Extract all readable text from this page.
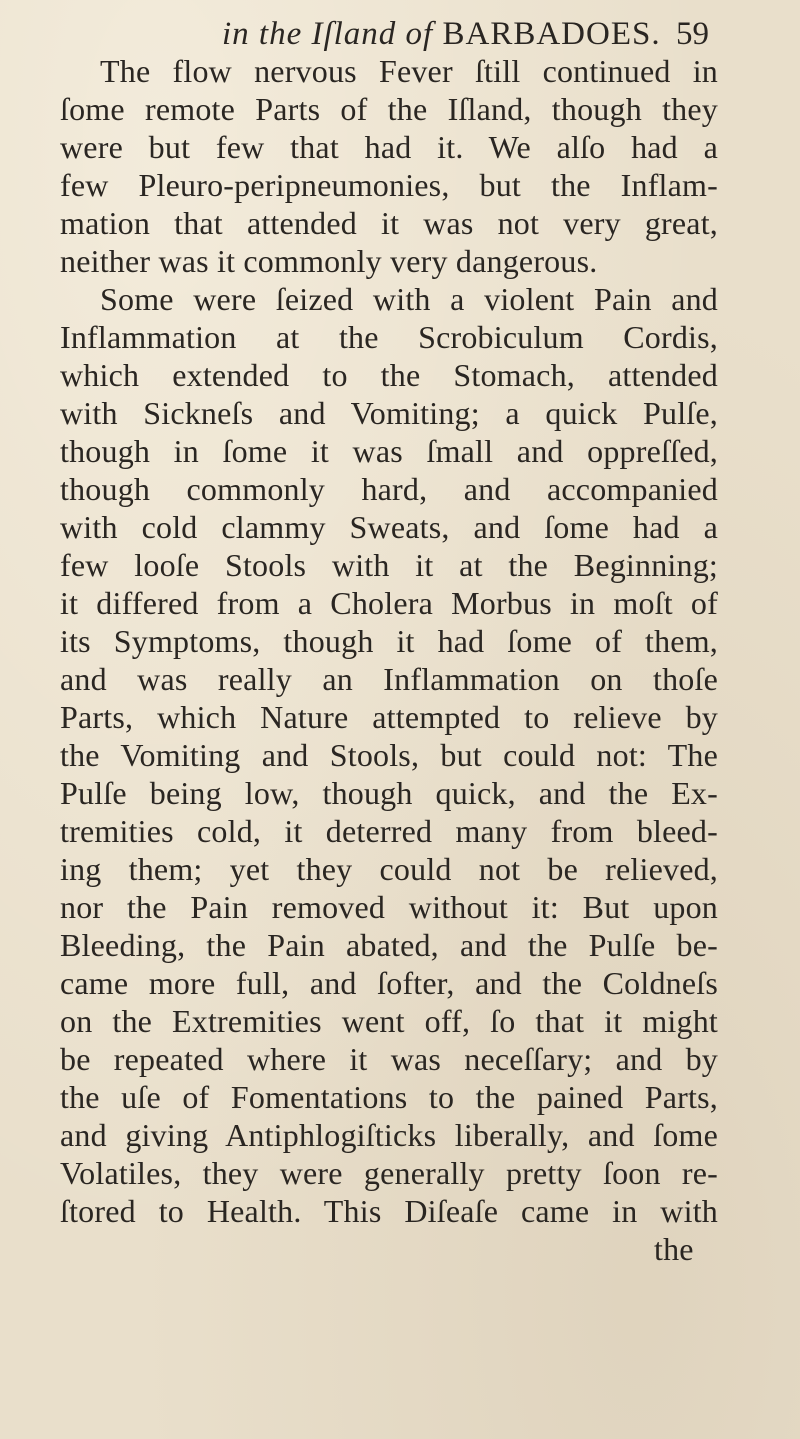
in the Iſland of BARBADOES. 59
The flow nervous Fever ſtill continued in
ſome remote Parts of the Iſland, though they
were but few that had it. We alſo had a
few Pleuro-peripneumonies, but the Inflam-
mation that attended it was not very great,
neither was it commonly very dangerous.
Some were ſeized with a violent Pain and
Inflammation at the Scrobiculum Cordis,
which extended to the Stomach, attended
with Sickneſs and Vomiting; a quick Pulſe,
though in ſome it was ſmall and oppreſſed,
though commonly hard, and accompanied
with cold clammy Sweats, and ſome had a
few looſe Stools with it at the Beginning;
it differed from a Cholera Morbus in moſt of
its Symptoms, though it had ſome of them,
and was really an Inflammation on thoſe
Parts, which Nature attempted to relieve by
the Vomiting and Stools, but could not: The
Pulſe being low, though quick, and the Ex-
tremities cold, it deterred many from bleed-
ing them; yet they could not be relieved,
nor the Pain removed without it: But upon
Bleeding, the Pain abated, and the Pulſe be-
came more full, and ſofter, and the Coldneſs
on the Extremities went off, ſo that it might
be repeated where it was neceſſary; and by
the uſe of Fomentations to the pained Parts,
and giving Antiphlogiſticks liberally, and ſome
Volatiles, they were generally pretty ſoon re-
ſtored to Health. This Diſeaſe came in with
the
